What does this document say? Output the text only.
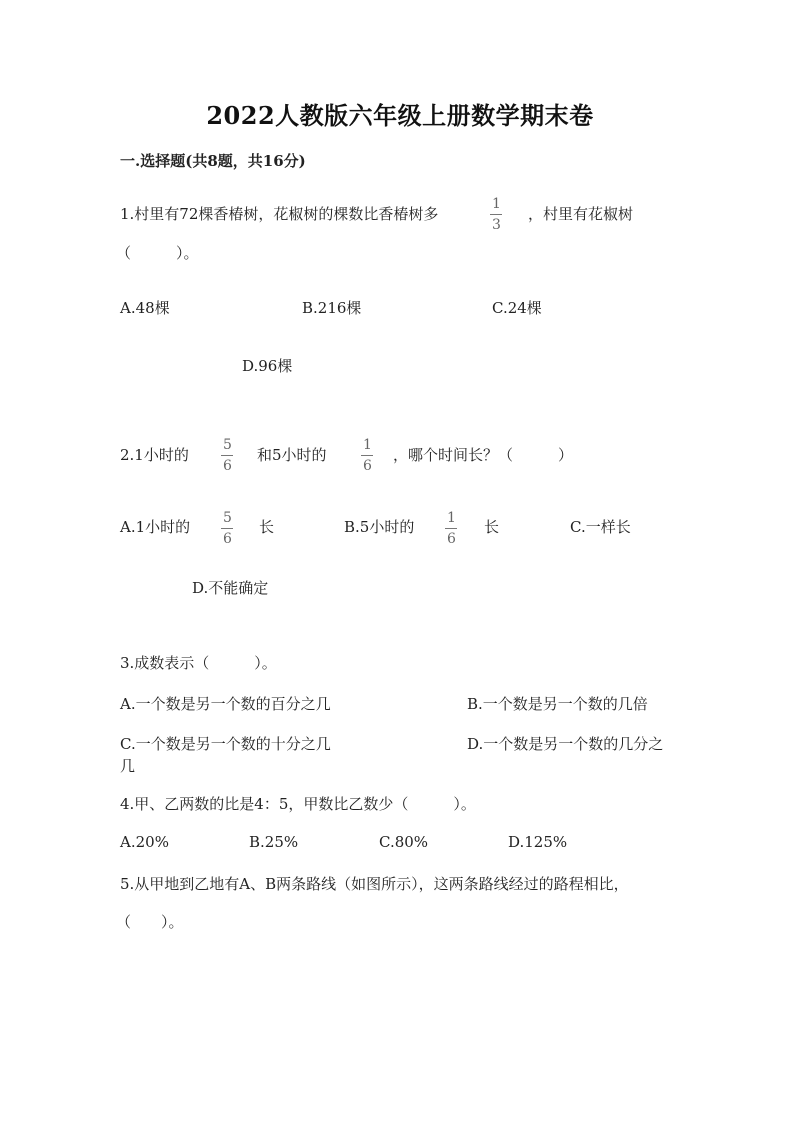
2022人教版六年级上册数学期末卷
一.选择题(共8题，共16分)
1.村里有72棵香椿树，花椒树的棵数比香椿树多
1
3
，村里有花椒树
（　　　）。
A.48棵	B.216棵	C.24棵
D.96棵
2.1小时的
5
6
和5小时的
1
6
，哪个时间长？（　　　）
A.1小时的 5
6
长	B.5小时的 1
6
长	C.一样长
D.不能确定
3.成数表示（　　　）。
A.一个数是另一个数的百分之几	B.一个数是另一个数的几倍
C.一个数是另一个数的十分之几	D.一个数是另一个数的几分之
几
4.甲、乙两数的比是4：5，甲数比乙数少（　　　）。
A.20%	B.25%	C.80%	D.125%
5.从甲地到乙地有A、B两条路线（如图所示），这两条路线经过的路程相比，
（　　）。
